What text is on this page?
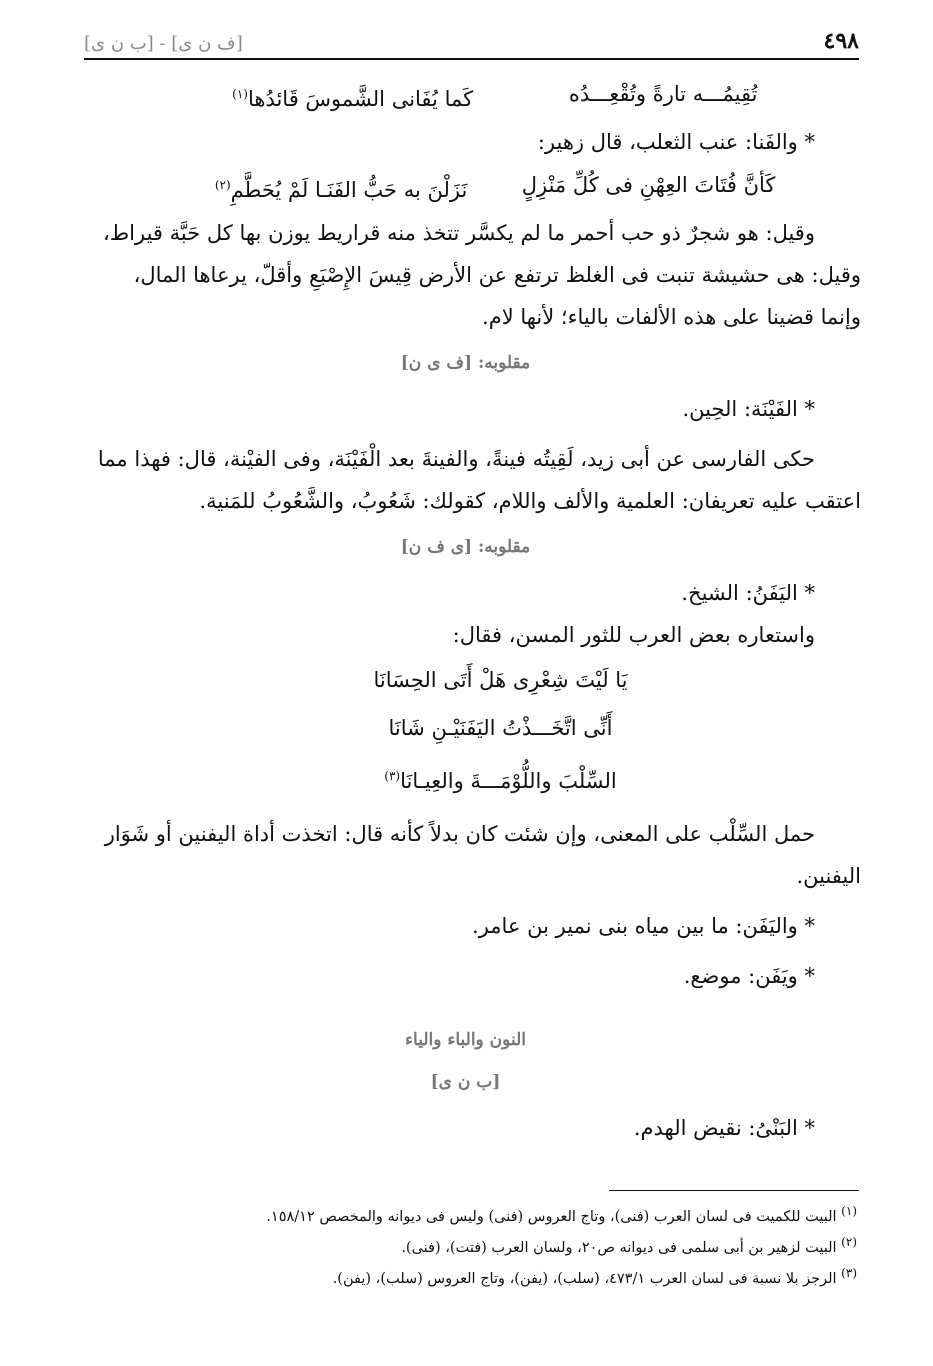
٤٩٨
[ف ن ى] - [ب ن ى]
تُقِيمُـــه تارةً وتُقْعِـــدُه
كَما يُفَانى الشَّموسَ قَائدُها$^{(١)}$

* والفَنا: عنب الثعلب، قال زهير:

كَأنَّ فُتَاتَ العِهْنِ فى كُلِّ مَنْزِلٍ
نَزَلْنَ به حَبُّ الفَنَـا لَمْ يُحَطَّمِ$^{(٢)}$

وقيل: هو شجرٌ ذو حب أحمر ما لم يكسَّر تتخذ منه قراريط يوزن بها كل حَبَّة قيراط،

وقيل: هى حشيشة تنبت فى الغلظ ترتفع عن الأرض قِيسَ الإِصْبَعِ وأقلّ، يرعاها المال،

وإنما قضينا على هذه الألفات بالياء؛ لأنها لام.

مقلوبه: [ف ى ن]

* الفَيْنَة: الحِين.

حكى الفارسى عن أبى زيد، لَقِيتُه فينةً، والفينةَ بعد الْفَيْنَة، وفى الفيْنة، قال: فهذا مما

اعتقب عليه تعريفان: العلمية والألف واللام، كقولك: شَعُوبُ، والشَّعُوبُ للمَنية.

مقلوبه: [ى ف ن]

* اليَفَنُ: الشيخ.

واستعاره بعض العرب للثور المسن، فقال:

يَا لَيْتَ شِعْرِى هَلْ أَتَى الحِسَانَا
أَنِّى اتَّخَـــذْتُ اليَفَنَيْـنِ شَانَا
السِّلْبَ واللُّوْمَـــةَ والعِيـانَا$^{(٣)}$

حمل السِّلْب على المعنى، وإن شئت كان بدلاً كأنه قال: اتخذت أداة اليفنين أو شَوَار

اليفنين.

* واليَفَن: ما بين مياه بنى نمير بن عامر.

* ويَفَن: موضع.

النون والباء والياء
[ب ن ى]

* البَنْىُ: نقيض الهدم.

$^{(١)}$ البيت للكميت فى لسان العرب (فنى)، وتاج العروس (فنى) وليس فى ديوانه والمخصص ١٥٨/١٢.
$^{(٢)}$ البيت لزهير بن أبى سلمى فى ديوانه ص٢٠، ولسان العرب (فتت)، (فنى).
$^{(٣)}$ الرجز بلا نسبة فى لسان العرب ٤٧٣/١، (سلب)، (يفن)، وتاج العروس (سلب)، (يفن).
